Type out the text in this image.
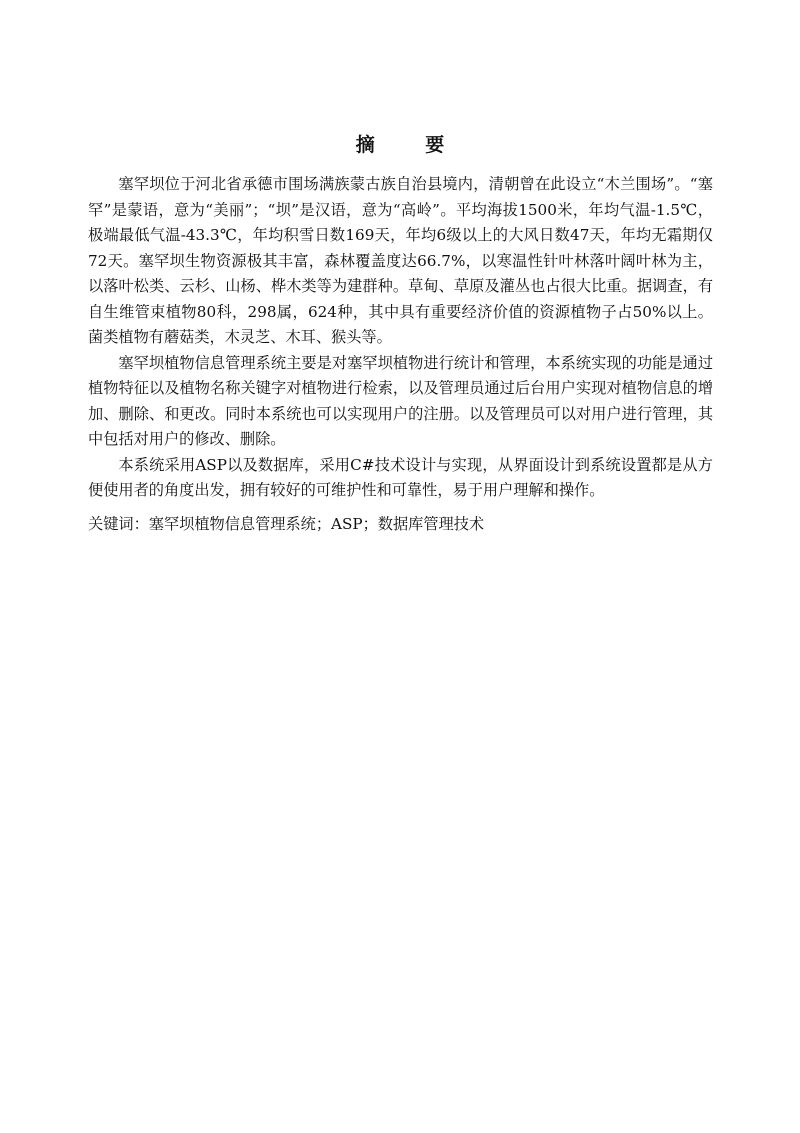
摘 要

塞罕坝位于河北省承德市围场满族蒙古族自治县境内，清朝曾在此设立“木兰围场”。“塞罕”是蒙语，意为“美丽”；“坝”是汉语，意为“高岭”。平均海拔1500米，年均气温-1.5℃，极端最低气温-43.3℃，年均积雪日数169天，年均6级以上的大风日数47天，年均无霜期仅72天。塞罕坝生物资源极其丰富，森林覆盖度达66.7%，以寒温性针叶林落叶阔叶林为主，以落叶松类、云杉、山杨、桦木类等为建群种。草甸、草原及灌丛也占很大比重。据调查，有自生维管束植物80科，298属，624种，其中具有重要经济价值的资源植物子占50%以上。菌类植物有蘑菇类，木灵芝、木耳、猴头等。

塞罕坝植物信息管理系统主要是对塞罕坝植物进行统计和管理，本系统实现的功能是通过植物特征以及植物名称关键字对植物进行检索，以及管理员通过后台用户实现对植物信息的增加、删除、和更改。同时本系统也可以实现用户的注册。以及管理员可以对用户进行管理，其中包括对用户的修改、删除。

本系统采用ASP以及数据库，采用C#技术设计与实现，从界面设计到系统设置都是从方便使用者的角度出发，拥有较好的可维护性和可靠性，易于用户理解和操作。

关键词：塞罕坝植物信息管理系统；ASP；数据库管理技术
